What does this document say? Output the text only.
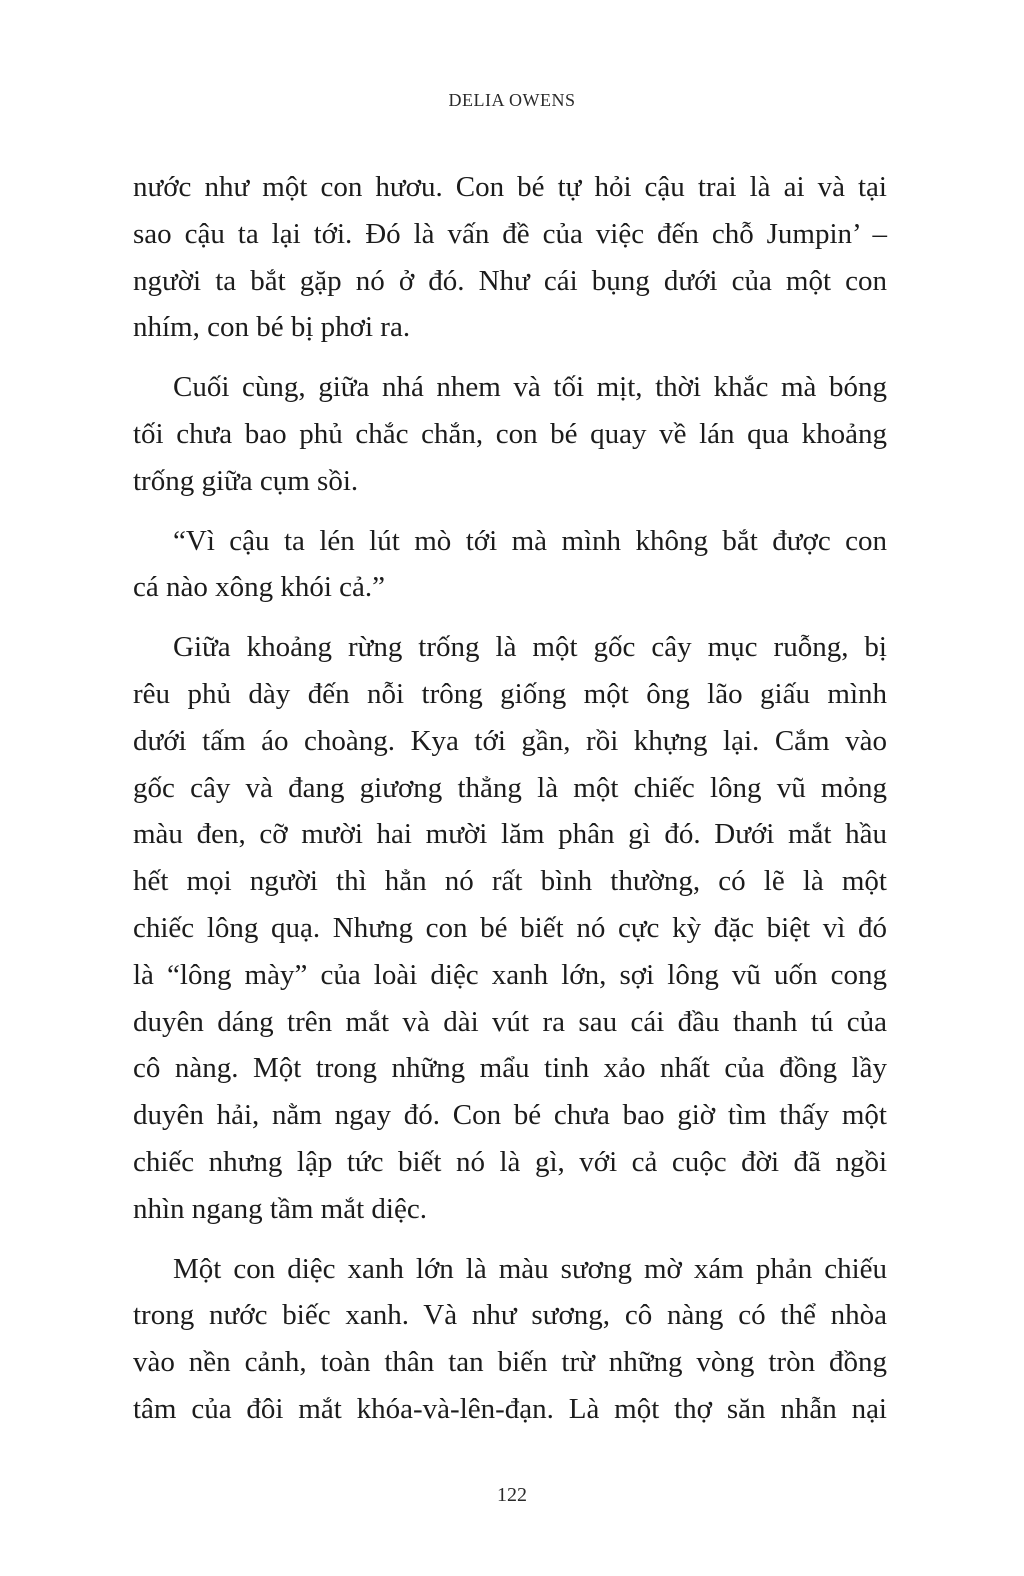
DELIA OWENS

nước như một con hươu. Con bé tự hỏi cậu trai là ai và tại
sao cậu ta lại tới. Đó là vấn đề của việc đến chỗ Jumpin’ –
người ta bắt gặp nó ở đó. Như cái bụng dưới của một con
nhím, con bé bị phơi ra.

Cuối cùng, giữa nhá nhem và tối mịt, thời khắc mà bóng
tối chưa bao phủ chắc chắn, con bé quay về lán qua khoảng
trống giữa cụm sồi.

“Vì cậu ta lén lút mò tới mà mình không bắt được con
cá nào xông khói cả.”

Giữa khoảng rừng trống là một gốc cây mục ruỗng, bị
rêu phủ dày đến nỗi trông giống một ông lão giấu mình
dưới tấm áo choàng. Kya tới gần, rồi khựng lại. Cắm vào
gốc cây và đang giương thẳng là một chiếc lông vũ mỏng
màu đen, cỡ mười hai mười lăm phân gì đó. Dưới mắt hầu
hết mọi người thì hẳn nó rất bình thường, có lẽ là một
chiếc lông quạ. Nhưng con bé biết nó cực kỳ đặc biệt vì đó
là “lông mày” của loài diệc xanh lớn, sợi lông vũ uốn cong
duyên dáng trên mắt và dài vút ra sau cái đầu thanh tú của
cô nàng. Một trong những mẩu tinh xảo nhất của đồng lầy
duyên hải, nằm ngay đó. Con bé chưa bao giờ tìm thấy một
chiếc nhưng lập tức biết nó là gì, với cả cuộc đời đã ngồi
nhìn ngang tầm mắt diệc.

Một con diệc xanh lớn là màu sương mờ xám phản chiếu
trong nước biếc xanh. Và như sương, cô nàng có thể nhòa
vào nền cảnh, toàn thân tan biến trừ những vòng tròn đồng
tâm của đôi mắt khóa-và-lên-đạn. Là một thợ săn nhẫn nại

122
